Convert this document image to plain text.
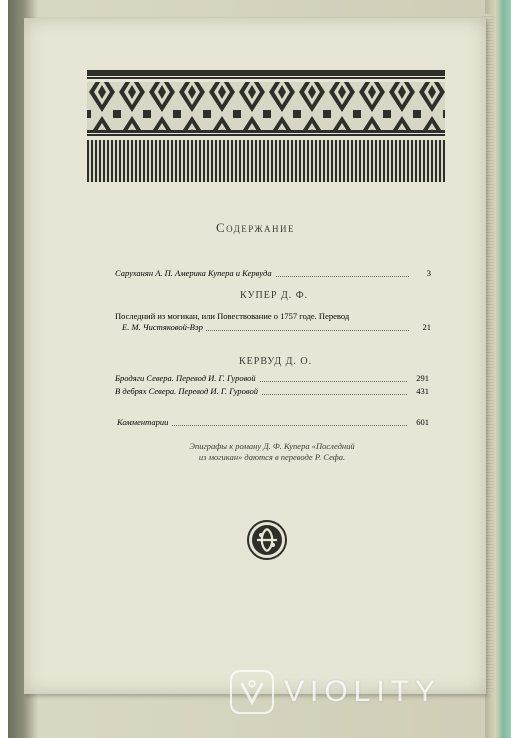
Содержание
Саруханян А. П. Америка Купера и Кервуда	3
КУПЕР Д. Ф.
Последний из могикан, или Повествование о 1757 годе. Перевод
Е. М. Чистяковой-Вэр	21
КЕРВУД Д. О.
Бродяги Севера. Перевод И. Г. Гуровой	291
В дебрях Севера. Перевод И. Г. Гуровой	431
Комментарии	601
Эпиграфы к роману Д. Ф. Купера «Последний
из могикан» даются в переводе Р. Сефа.
VIOLITY
